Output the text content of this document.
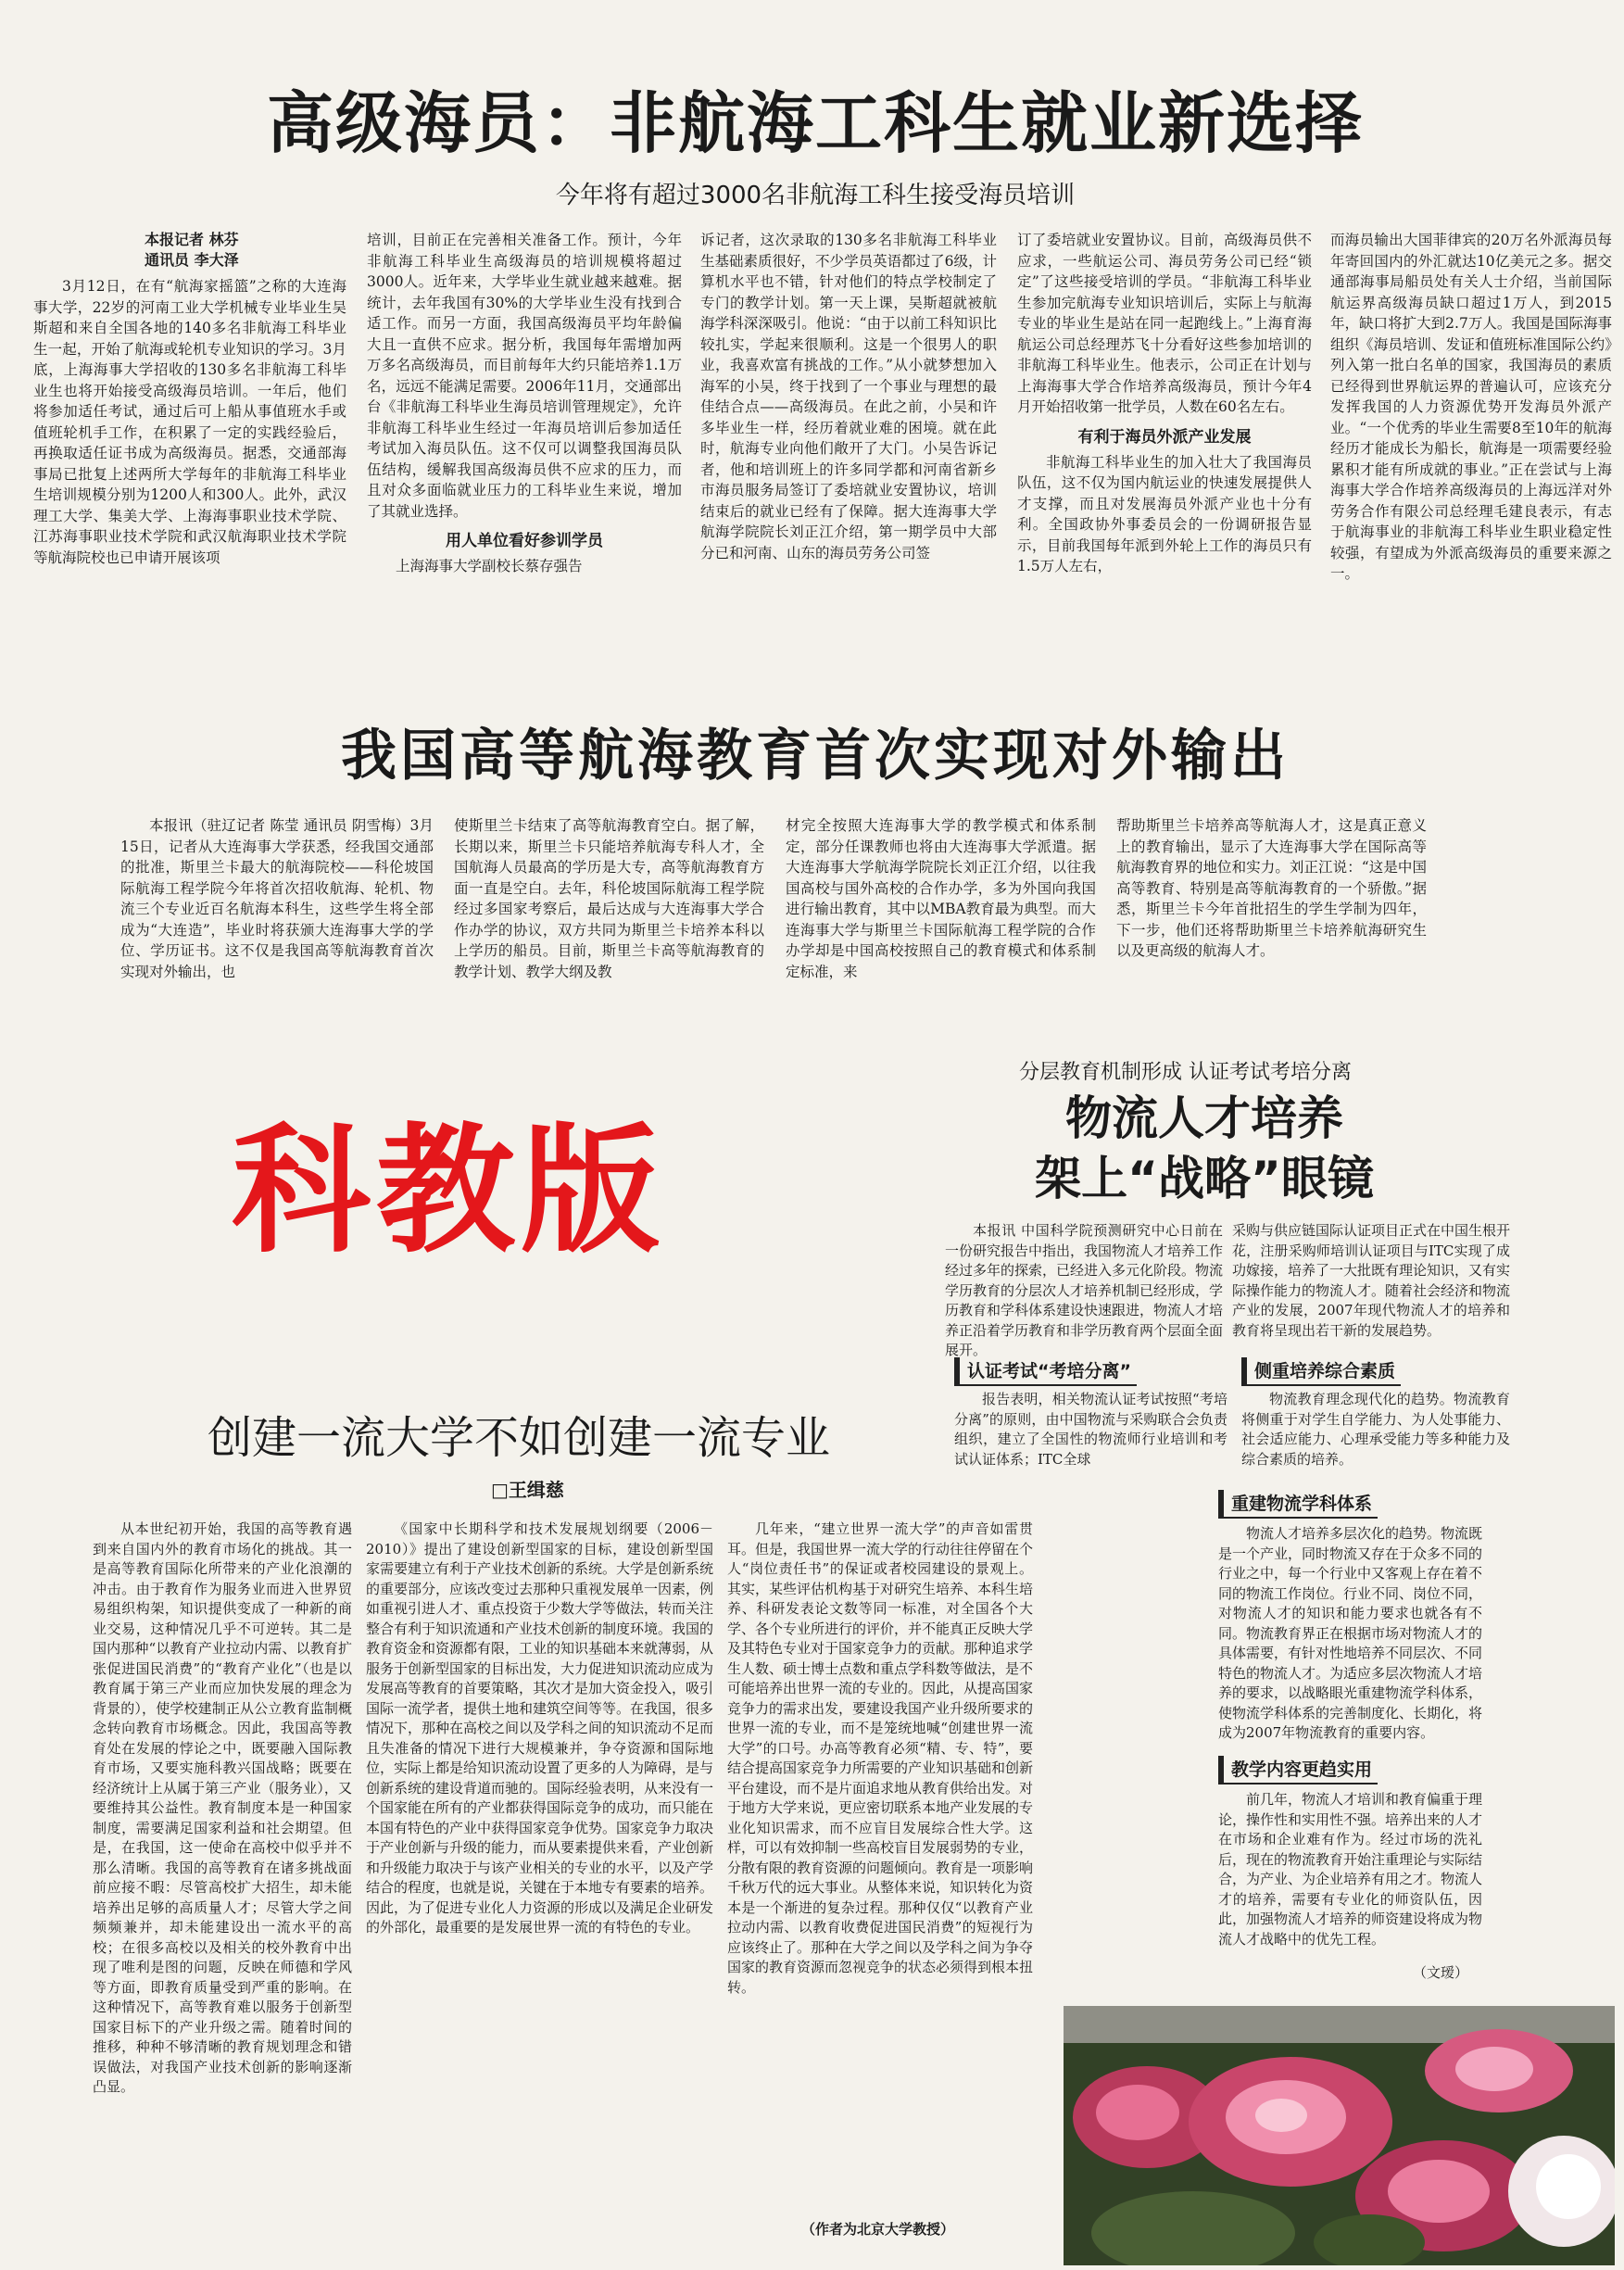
高级海员：非航海工科生就业新选择
今年将有超过3000名非航海工科生接受海员培训
本报记者 林芬
通讯员 李大泽

3月12日，在有“航海家摇篮”之称的大连海事大学，22岁的河南工业大学机械专业毕业生吴斯超和来自全国各地的140多名非航海工科毕业生一起，开始了航海或轮机专业知识的学习。3月底，上海海事大学招收的130多名非航海工科毕业生也将开始接受高级海员培训。一年后，他们将参加适任考试，通过后可上船从事值班水手或值班轮机手工作，在积累了一定的实践经验后，再换取适任证书成为高级海员。据悉，交通部海事局已批复上述两所大学每年的非航海工科毕业生培训规模分别为1200人和300人。此外，武汉理工大学、集美大学、上海海事职业技术学院、江苏海事职业技术学院和武汉航海职业技术学院等航海院校也已申请开展该项

培训，目前正在完善相关准备工作。预计，今年非航海工科毕业生高级海员的培训规模将超过3000人。近年来，大学毕业生就业越来越难。据统计，去年我国有30%的大学毕业生没有找到合适工作。而另一方面，我国高级海员平均年龄偏大且一直供不应求。据分析，我国每年需增加两万多名高级海员，而目前每年大约只能培养1.1万名，远远不能满足需要。2006年11月，交通部出台《非航海工科毕业生海员培训管理规定》，允许非航海工科毕业生经过一年海员培训后参加适任考试加入海员队伍。这不仅可以调整我国海员队伍结构，缓解我国高级海员供不应求的压力，而且对众多面临就业压力的工科毕业生来说，增加了其就业选择。

用人单位看好参训学员

上海海事大学副校长蔡存强告

诉记者，这次录取的130多名非航海工科毕业生基础素质很好，不少学员英语都过了6级，计算机水平也不错，针对他们的特点学校制定了专门的教学计划。第一天上课，吴斯超就被航海学科深深吸引。他说：“由于以前工科知识比较扎实，学起来很顺利。这是一个很男人的职业，我喜欢富有挑战的工作。”从小就梦想加入海军的小吴，终于找到了一个事业与理想的最佳结合点——高级海员。在此之前，小吴和许多毕业生一样，经历着就业难的困境。就在此时，航海专业向他们敞开了大门。小吴告诉记者，他和培训班上的许多同学都和河南省新乡市海员服务局签订了委培就业安置协议，培训结束后的就业已经有了保障。据大连海事大学航海学院院长刘正江介绍，第一期学员中大部分已和河南、山东的海员劳务公司签

订了委培就业安置协议。目前，高级海员供不应求，一些航运公司、海员劳务公司已经“锁定”了这些接受培训的学员。“非航海工科毕业生参加完航海专业知识培训后，实际上与航海专业的毕业生是站在同一起跑线上。”上海育海航运公司总经理苏飞十分看好这些参加培训的非航海工科毕业生。他表示，公司正在计划与上海海事大学合作培养高级海员，预计今年4月开始招收第一批学员，人数在60名左右。

有利于海员外派产业发展

非航海工科毕业生的加入壮大了我国海员队伍，这不仅为国内航运业的快速发展提供人才支撑，而且对发展海员外派产业也十分有利。全国政协外事委员会的一份调研报告显示，目前我国每年派到外轮上工作的海员只有1.5万人左右，

而海员输出大国菲律宾的20万名外派海员每年寄回国内的外汇就达10亿美元之多。据交通部海事局船员处有关人士介绍，当前国际航运界高级海员缺口超过1万人，到2015年，缺口将扩大到2.7万人。我国是国际海事组织《海员培训、发证和值班标准国际公约》列入第一批白名单的国家，我国海员的素质已经得到世界航运界的普遍认可，应该充分发挥我国的人力资源优势开发海员外派产业。“一个优秀的毕业生需要8至10年的航海经历才能成长为船长，航海是一项需要经验累积才能有所成就的事业。”正在尝试与上海海事大学合作培养高级海员的上海远洋对外劳务合作有限公司总经理毛建良表示，有志于航海事业的非航海工科毕业生职业稳定性较强，有望成为外派高级海员的重要来源之一。

我国高等航海教育首次实现对外输出

本报讯（驻辽记者 陈莹 通讯员 阴雪梅）3月15日，记者从大连海事大学获悉，经我国交通部的批准，斯里兰卡最大的航海院校——科伦坡国际航海工程学院今年将首次招收航海、轮机、物流三个专业近百名航海本科生，这些学生将全部成为“大连造”，毕业时将获颁大连海事大学的学位、学历证书。这不仅是我国高等航海教育首次实现对外输出，也

使斯里兰卡结束了高等航海教育空白。据了解，长期以来，斯里兰卡只能培养航海专科人才，全国航海人员最高的学历是大专，高等航海教育方面一直是空白。去年，科伦坡国际航海工程学院经过多国家考察后，最后达成与大连海事大学合作办学的协议，双方共同为斯里兰卡培养本科以上学历的船员。目前，斯里兰卡高等航海教育的教学计划、教学大纲及教

材完全按照大连海事大学的教学模式和体系制定，部分任课教师也将由大连海事大学派遣。据大连海事大学航海学院院长刘正江介绍，以往我国高校与国外高校的合作办学，多为外国向我国进行输出教育，其中以MBA教育最为典型。而大连海事大学与斯里兰卡国际航海工程学院的合作办学却是中国高校按照自己的教育模式和体系制定标准，来

帮助斯里兰卡培养高等航海人才，这是真正意义上的教育输出，显示了大连海事大学在国际高等航海教育界的地位和实力。刘正江说：“这是中国高等教育、特别是高等航海教育的一个骄傲。”据悉，斯里兰卡今年首批招生的学生学制为四年，下一步，他们还将帮助斯里兰卡培养航海研究生以及更高级的航海人才。

科教版
分层教育机制形成 认证考试考培分离
物流人才培养
架上“战略”眼镜

本报讯 中国科学院预测研究中心日前在一份研究报告中指出，我国物流人才培养工作经过多年的探索，已经进入多元化阶段。物流学历教育的分层次人才培养机制已经形成，学历教育和学科体系建设快速跟进，物流人才培养正沿着学历教育和非学历教育两个层面全面展开。

采购与供应链国际认证项目正式在中国生根开花，注册采购师培训认证项目与ITC实现了成功嫁接，培养了一大批既有理论知识，又有实际操作能力的物流人才。随着社会经济和物流产业的发展，2007年现代物流人才的培养和教育将呈现出若干新的发展趋势。

认证考试“考培分离”

报告表明，相关物流认证考试按照“考培分离”的原则，由中国物流与采购联合会负责组织，建立了全国性的物流师行业培训和考试认证体系；ITC全球

侧重培养综合素质

物流教育理念现代化的趋势。物流教育将侧重于对学生自学能力、为人处事能力、社会适应能力、心理承受能力等多种能力及综合素质的培养。

重建物流学科体系

物流人才培养多层次化的趋势。物流既是一个产业，同时物流又存在于众多不同的行业之中，每一个行业中又客观上存在着不同的物流工作岗位。行业不同、岗位不同，对物流人才的知识和能力要求也就各有不同。物流教育界正在根据市场对物流人才的具体需要，有针对性地培养不同层次、不同特色的物流人才。为适应多层次物流人才培养的要求，以战略眼光重建物流学科体系，使物流学科体系的完善制度化、长期化，将成为2007年物流教育的重要内容。

教学内容更趋实用

前几年，物流人才培训和教育偏重于理论，操作性和实用性不强。培养出来的人才在市场和企业难有作为。经过市场的洗礼后，现在的物流教育开始注重理论与实际结合，为产业、为企业培养有用之才。物流人才的培养，需要有专业化的师资队伍，因此，加强物流人才培养的师资建设将成为物流人才战略中的优先工程。

（文瑷）
创建一流大学不如创建一流专业
□王缉慈

从本世纪初开始，我国的高等教育遇到来自国内外的教育市场化的挑战。其一是高等教育国际化所带来的产业化浪潮的冲击。由于教育作为服务业而进入世界贸易组织构架，知识提供变成了一种新的商业交易，这种情况几乎不可逆转。其二是国内那种“以教育产业拉动内需、以教育扩张促进国民消费”的“教育产业化”（也是以教育属于第三产业而应加快发展的理念为背景的），使学校建制正从公立教育监制概念转向教育市场概念。因此，我国高等教育处在发展的悖论之中，既要融入国际教育市场，又要实施科教兴国战略；既要在经济统计上从属于第三产业（服务业），又要维持其公益性。教育制度本是一种国家制度，需要满足国家利益和社会期望。但是，在我国，这一使命在高校中似乎并不那么清晰。我国的高等教育在诸多挑战面前应接不暇：尽管高校扩大招生，却未能培养出足够的高质量人才；尽管大学之间频频兼并，却未能建设出一流水平的高校；在很多高校以及相关的校外教育中出现了唯利是图的问题，反映在师德和学风等方面，即教育质量受到严重的影响。在这种情况下，高等教育难以服务于创新型国家目标下的产业升级之需。随着时间的推移，种种不够清晰的教育规划理念和错误做法，对我国产业技术创新的影响逐渐凸显。

《国家中长期科学和技术发展规划纲要（2006－2010）》提出了建设创新型国家的目标，建设创新型国家需要建立有利于产业技术创新的系统。大学是创新系统的重要部分，应该改变过去那种只重视发展单一因素，例如重视引进人才、重点投资于少数大学等做法，转而关注整合有利于知识流通和产业技术创新的制度环境。我国的教育资金和资源都有限，工业的知识基础本来就薄弱，从服务于创新型国家的目标出发，大力促进知识流动应成为发展高等教育的首要策略，其次才是加大资金投入，吸引国际一流学者，提供土地和建筑空间等等。在我国，很多情况下，那种在高校之间以及学科之间的知识流动不足而且失准备的情况下进行大规模兼并，争夺资源和国际地位，实际上都是给知识流动设置了更多的人为障碍，是与创新系统的建设背道而驰的。国际经验表明，从来没有一个国家能在所有的产业都获得国际竞争的成功，而只能在本国有特色的产业中获得国家竞争优势。国家竞争力取决于产业创新与升级的能力，而从要素提供来看，产业创新和升级能力取决于与该产业相关的专业的水平，以及产学结合的程度，也就是说，关键在于本地专有要素的培养。因此，为了促进专业化人力资源的形成以及满足企业研发的外部化，最重要的是发展世界一流的有特色的专业。

几年来，“建立世界一流大学”的声音如雷贯耳。但是，我国世界一流大学的行动往往停留在个人“岗位责任书”的保证或者校园建设的景观上。其实，某些评估机构基于对研究生培养、本科生培养、科研发表论文数等同一标准，对全国各个大学、各个专业所进行的评价，并不能真正反映大学及其特色专业对于国家竞争力的贡献。那种追求学生人数、硕士博士点数和重点学科数等做法，是不可能培养出世界一流的专业的。因此，从提高国家竞争力的需求出发，要建设我国产业升级所要求的世界一流的专业，而不是笼统地喊“创建世界一流大学”的口号。办高等教育必须“精、专、特”，要结合提高国家竞争力所需要的产业知识基础和创新平台建设，而不是片面追求地从教育供给出发。对于地方大学来说，更应密切联系本地产业发展的专业化知识需求，而不应盲目发展综合性大学。这样，可以有效抑制一些高校盲目发展弱势的专业，分散有限的教育资源的问题倾向。教育是一项影响千秋万代的远大事业。从整体来说，知识转化为资本是一个渐进的复杂过程。那种仅仅“以教育产业拉动内需、以教育收费促进国民消费”的短视行为应该终止了。那种在大学之间以及学科之间为争夺国家的教育资源而忽视竞争的状态必须得到根本扭转。

（作者为北京大学教授）
